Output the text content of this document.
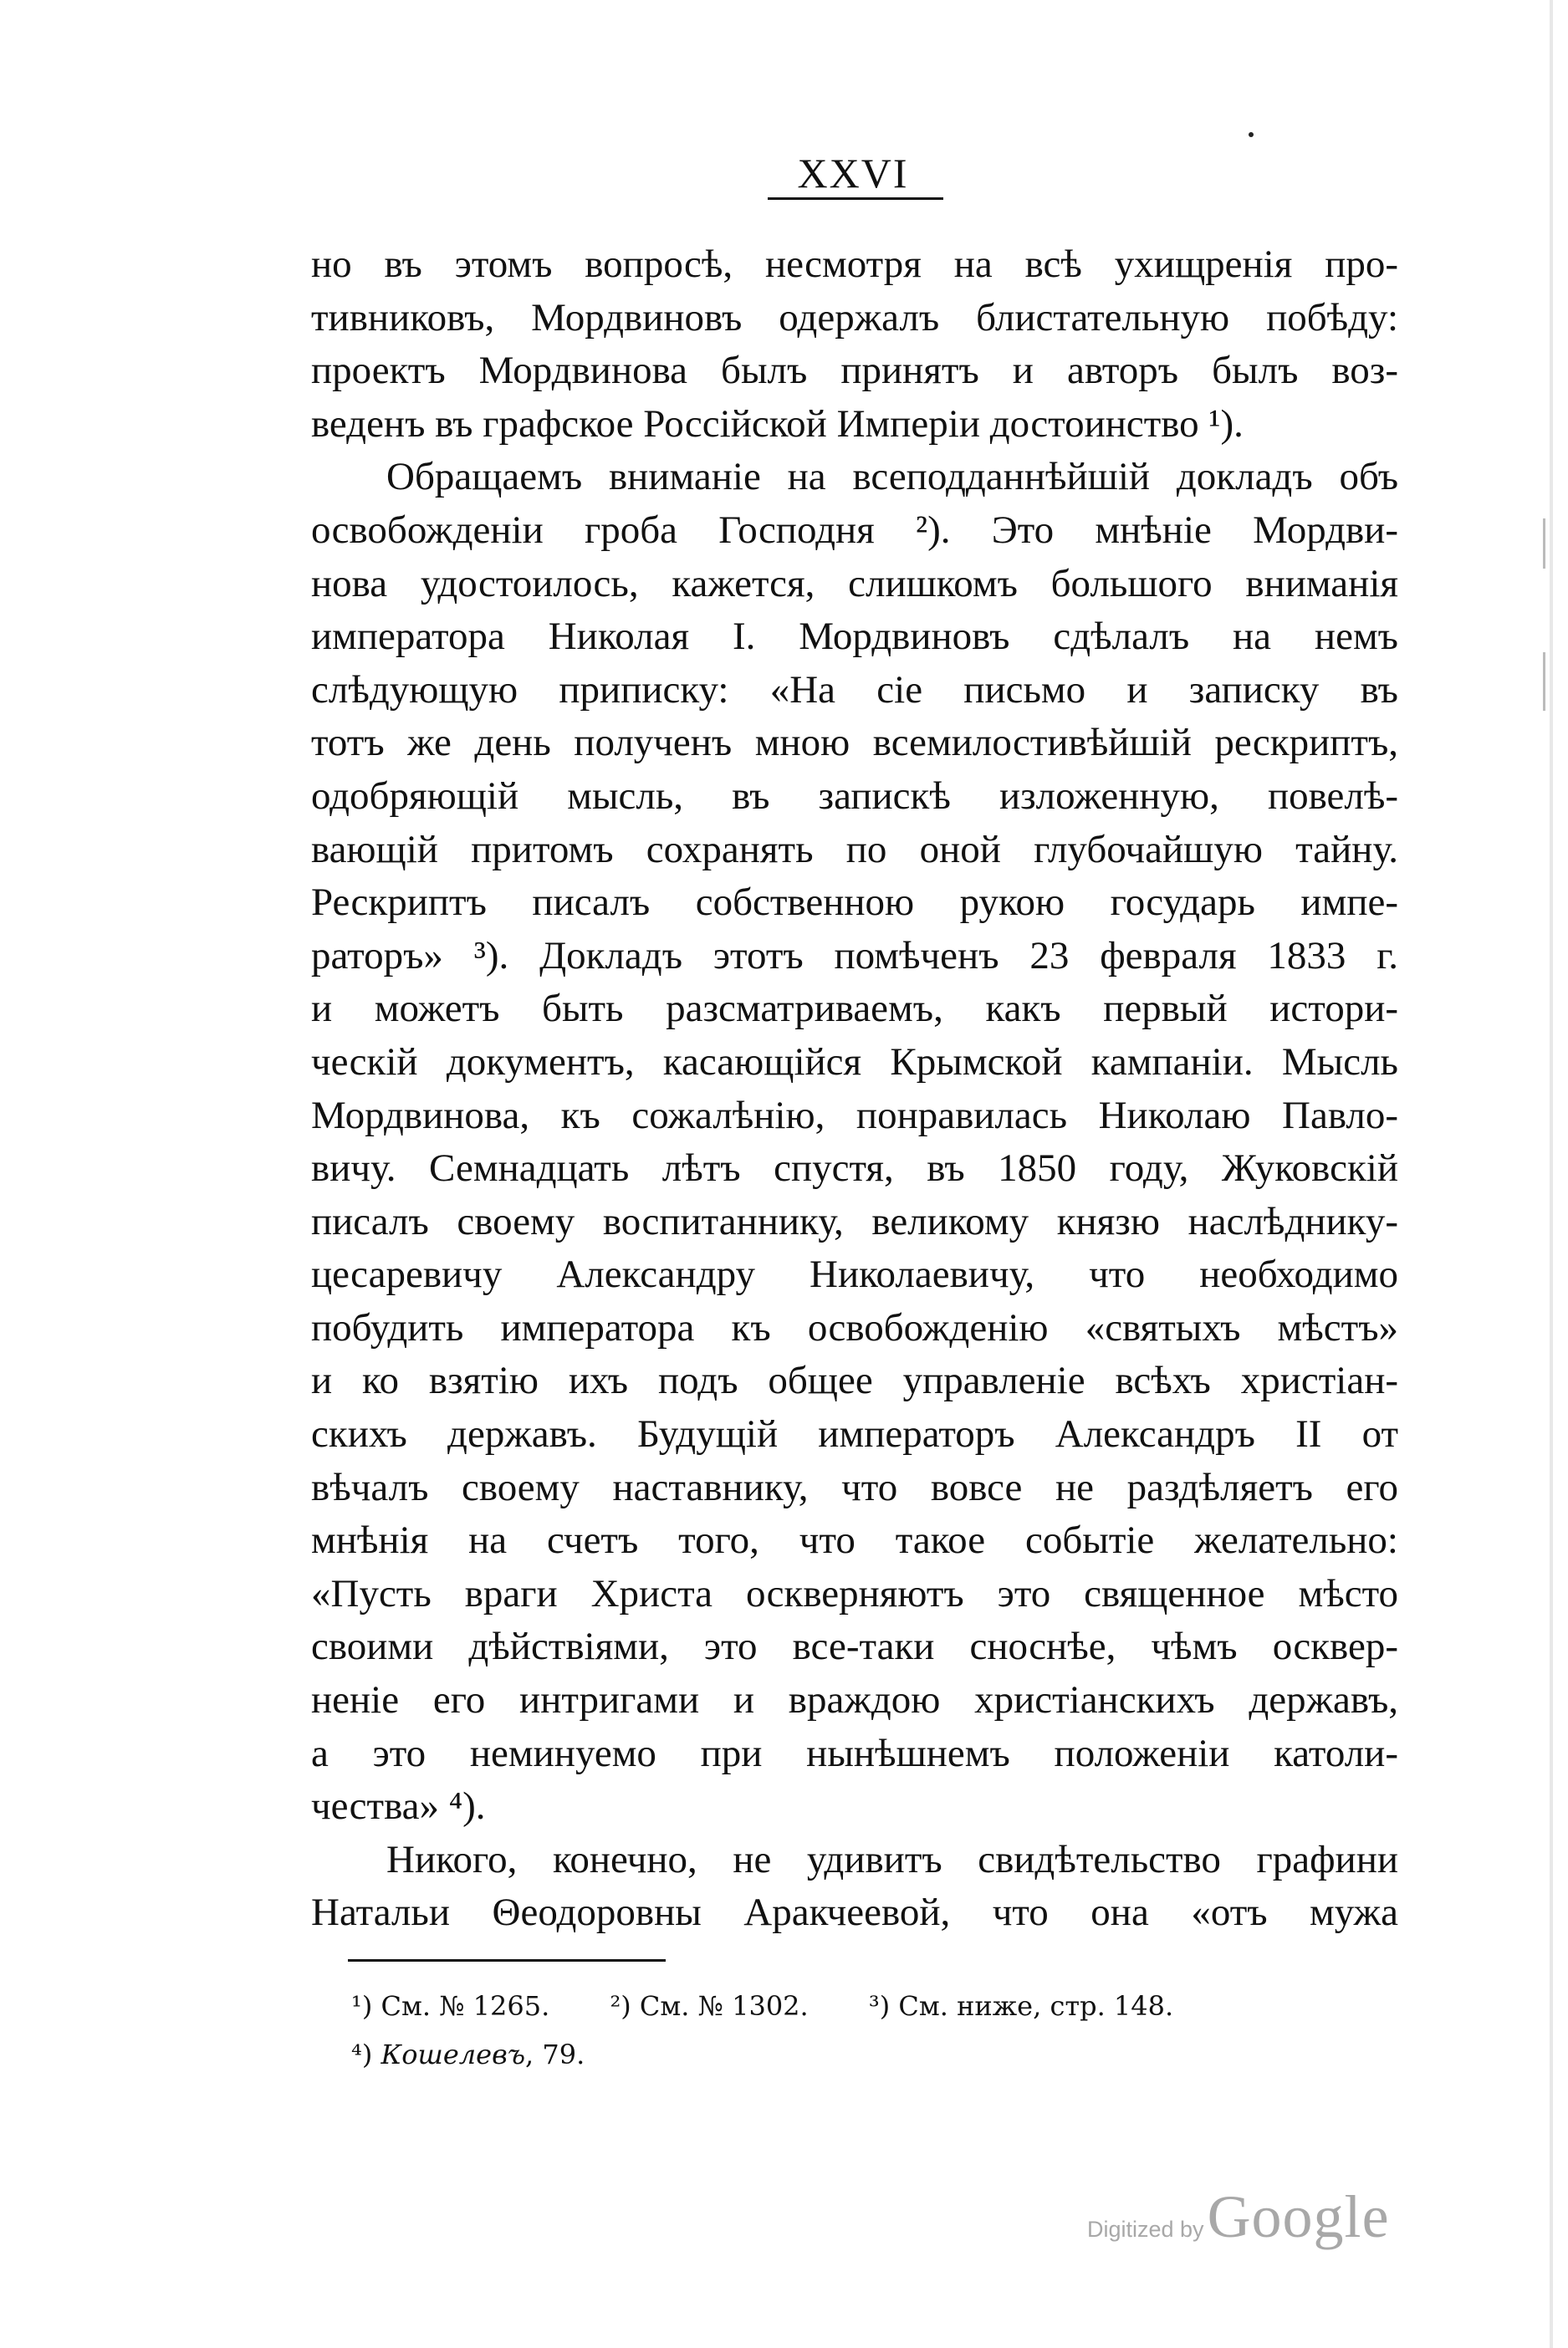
XXVI
но въ этомъ вопросѣ, несмотря на всѣ ухищренія про-
тивниковъ, Мордвиновъ одержалъ блистательную побѣду:
проектъ Мордвинова былъ принятъ и авторъ былъ воз-
веденъ въ графское Россійской Имперіи достоинство ¹).
Обращаемъ вниманіе на всеподданнѣйшій докладъ объ
освобожденіи гроба Господня ²). Это мнѣніе Мордви-
нова удостоилось, кажется, слишкомъ большого вниманія
императора Николая I. Мордвиновъ сдѣлалъ на немъ
слѣдующую приписку: «На сіе письмо и записку въ
тотъ же день полученъ мною всемилостивѣйшій рескриптъ,
одобряющій мысль, въ запискѣ изложенную, повелѣ-
вающій притомъ сохранять по оной глубочайшую тайну.
Рескриптъ писалъ собственною рукою государь импе-
раторъ» ³). Докладъ этотъ помѣченъ 23 февраля 1833 г.
и можетъ быть разсматриваемъ, какъ первый истори-
ческій документъ, касающійся Крымской кампаніи. Мысль
Мордвинова, къ сожалѣнію, понравилась Николаю Павло-
вичу. Семнадцать лѣтъ спустя, въ 1850 году, Жуковскій
писалъ своему воспитаннику, великому князю наслѣднику-
цесаревичу Александру Николаевичу, что необходимо
побудить императора къ освобожденію «святыхъ мѣстъ»
и ко взятію ихъ подъ общее управленіе всѣхъ христіан-
скихъ державъ. Будущій императоръ Александръ II от
вѣчалъ своему наставнику, что вовсе не раздѣляетъ его
мнѣнія на счетъ того, что такое событіе желательно:
«Пусть враги Христа оскверняютъ это священное мѣсто
своими дѣйствіями, это все-таки сноснѣе, чѣмъ осквер-
неніе его интригами и враждою христіанскихъ державъ,
а это неминуемо при нынѣшнемъ положеніи католи-
чества» ⁴).
Никого, конечно, не удивитъ свидѣтельство графини
Натальи Θеодоровны Аракчеевой, что она «отъ мужа
¹) См. № 1265. ²) См. № 1302. ³) См. ниже, стр. 148.
⁴) Кошелевъ, 79.
Digitized by Google
